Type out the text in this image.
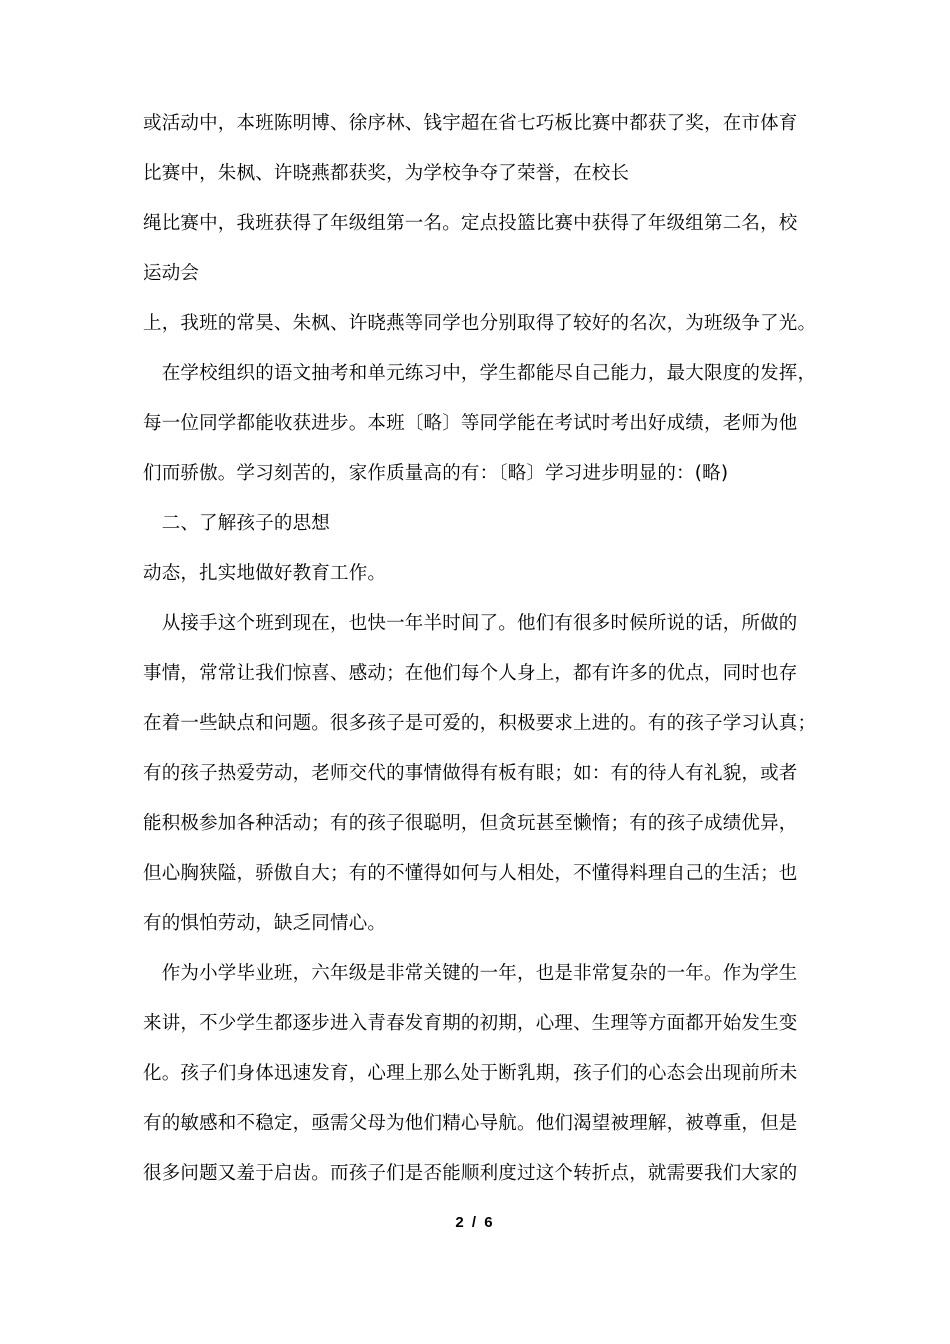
或活动中，本班陈明博、徐序林、钱宇超在省七巧板比赛中都获了奖，在市体育
比赛中，朱枫、许晓燕都获奖，为学校争夺了荣誉，在校长
绳比赛中，我班获得了年级组第一名。定点投篮比赛中获得了年级组第二名，校
运动会
上，我班的常昊、朱枫、许晓燕等同学也分别取得了较好的名次，为班级争了光。
　在学校组织的语文抽考和单元练习中，学生都能尽自己能力，最大限度的发挥，
每一位同学都能收获进步。本班〔略〕等同学能在考试时考出好成绩，老师为他
们而骄傲。学习刻苦的，家作质量高的有：〔略〕学习进步明显的：(略)
　二、了解孩子的思想
动态，扎实地做好教育工作。
　从接手这个班到现在，也快一年半时间了。他们有很多时候所说的话，所做的
事情，常常让我们惊喜、感动；在他们每个人身上，都有许多的优点，同时也存
在着一些缺点和问题。很多孩子是可爱的，积极要求上进的。有的孩子学习认真；
有的孩子热爱劳动，老师交代的事情做得有板有眼；如：有的待人有礼貌，或者
能积极参加各种活动；有的孩子很聪明，但贪玩甚至懒惰；有的孩子成绩优异，
但心胸狭隘，骄傲自大；有的不懂得如何与人相处，不懂得料理自己的生活；也
有的惧怕劳动，缺乏同情心。
　作为小学毕业班，六年级是非常关键的一年，也是非常复杂的一年。作为学生
来讲，不少学生都逐步进入青春发育期的初期，心理、生理等方面都开始发生变
化。孩子们身体迅速发育，心理上那么处于断乳期，孩子们的心态会出现前所未
有的敏感和不稳定，亟需父母为他们精心导航。他们渴望被理解，被尊重，但是
很多问题又羞于启齿。而孩子们是否能顺利度过这个转折点，就需要我们大家的
2 / 6
